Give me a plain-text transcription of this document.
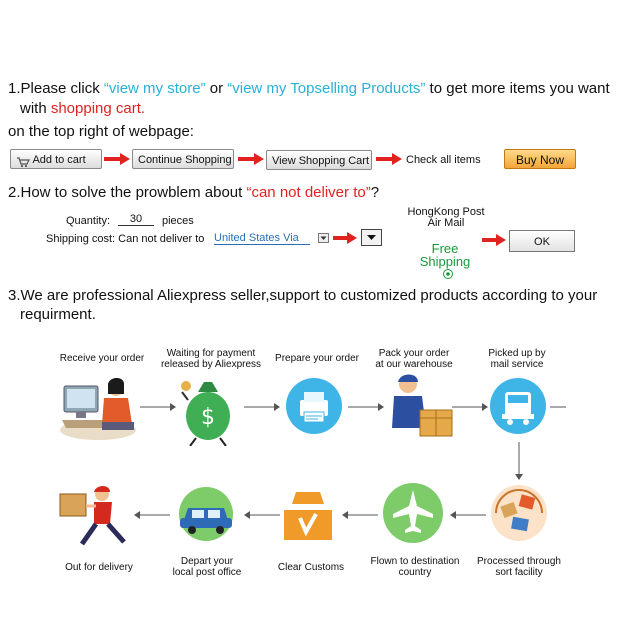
1.Please click “view my store” or “view my Topselling Products” to get more items you want
with shopping cart.
on the top right of webpage:
Add to cart	Continue Shopping	View Shopping Cart	Check all items	Buy Now
2.How to solve the prowblem about “can not deliver to”?
Quantity:	30	pieces
Shipping cost: Can not deliver to United States Via
HongKong Post
Air Mail
Free
Shipping
OK
3.We are professional Aliexpress seller,support to customized products according to your
requirment.
Receive your order	Waiting for payment
released by Aliexpress
Prepare your order	Pack your order
at our warehouse
Picked up by
mail service
$
Out for delivery
Depart your
local post office	Clear Customs
Flown to destination
country
Processed through
sort facility
